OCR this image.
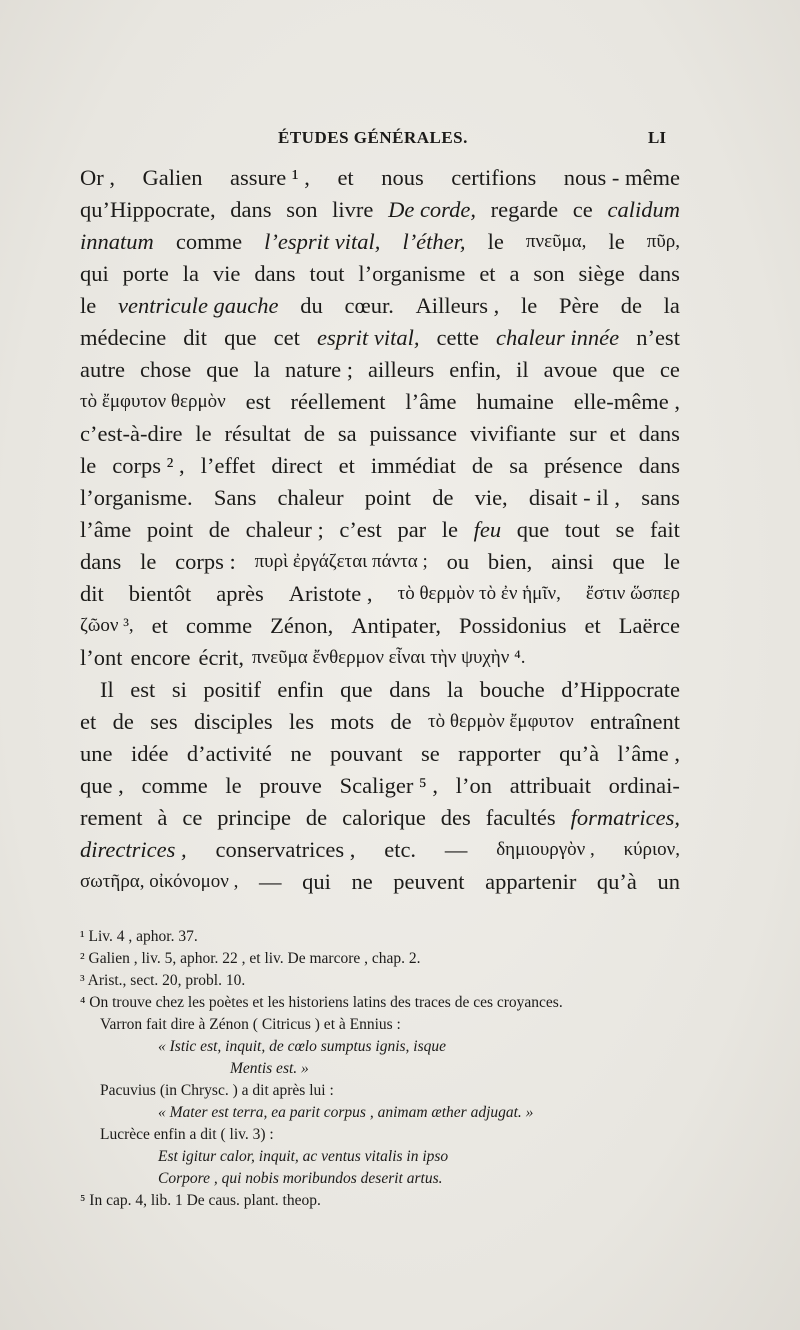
ÉTUDES GÉNÉRALES.	LI
Or , Galien assure ¹ , et nous certifions nous - même
qu’Hippocrate, dans son livre De corde, regarde ce calidum
innatum comme l’esprit vital, l’éther, le πνεῦμα, le πῦρ,
qui porte la vie dans tout l’organisme et a son siège dans
le ventricule gauche du cœur. Ailleurs , le Père de la
médecine dit que cet esprit vital, cette chaleur innée n’est
autre chose que la nature ; ailleurs enfin, il avoue que ce
τὸ ἔμφυτον θερμὸν est réellement l’âme humaine elle-même ,
c’est-à-dire le résultat de sa puissance vivifiante sur et dans
le corps ² , l’effet direct et immédiat de sa présence dans
l’organisme. Sans chaleur point de vie, disait - il , sans
l’âme point de chaleur ; c’est par le feu que tout se fait
dans le corps : πυρὶ ἐργάζεται πάντα ; ou bien, ainsi que le
dit bientôt après Aristote , τὸ θερμὸν τὸ ἐν ἡμῖν, ἔστιν ὥσπερ
ζῶον ³, et comme Zénon, Antipater, Possidonius et Laërce
l’ont encore écrit, πνεῦμα ἔνθερμον εἶναι τὴν ψυχὴν ⁴.
Il est si positif enfin que dans la bouche d’Hippocrate
et de ses disciples les mots de τὸ θερμὸν ἔμφυτον entraînent
une idée d’activité ne pouvant se rapporter qu’à l’âme ,
que , comme le prouve Scaliger ⁵ , l’on attribuait ordinai-
rement à ce principe de calorique des facultés formatrices,
directrices , conservatrices , etc. — δημιουργὸν , κύριον,
σωτῆρα, οἰκόνομον , — qui ne peuvent appartenir qu’à un
¹ Liv. 4 , aphor. 37.
² Galien , liv. 5, aphor. 22 , et liv. De marcore , chap. 2.
³ Arist., sect. 20, probl. 10.
⁴ On trouve chez les poètes et les historiens latins des traces de ces croyances.
Varron fait dire à Zénon ( Citricus ) et à Ennius :
« Istic est, inquit, de cœlo sumptus ignis, isque
Mentis est. »
Pacuvius (in Chrysc. ) a dit après lui :
« Mater est terra, ea parit corpus , animam æther adjugat. »
Lucrèce enfin a dit ( liv. 3) :
Est igitur calor, inquit, ac ventus vitalis in ipso
Corpore , qui nobis moribundos deserit artus.
⁵ In cap. 4, lib. 1 De caus. plant. theop.
